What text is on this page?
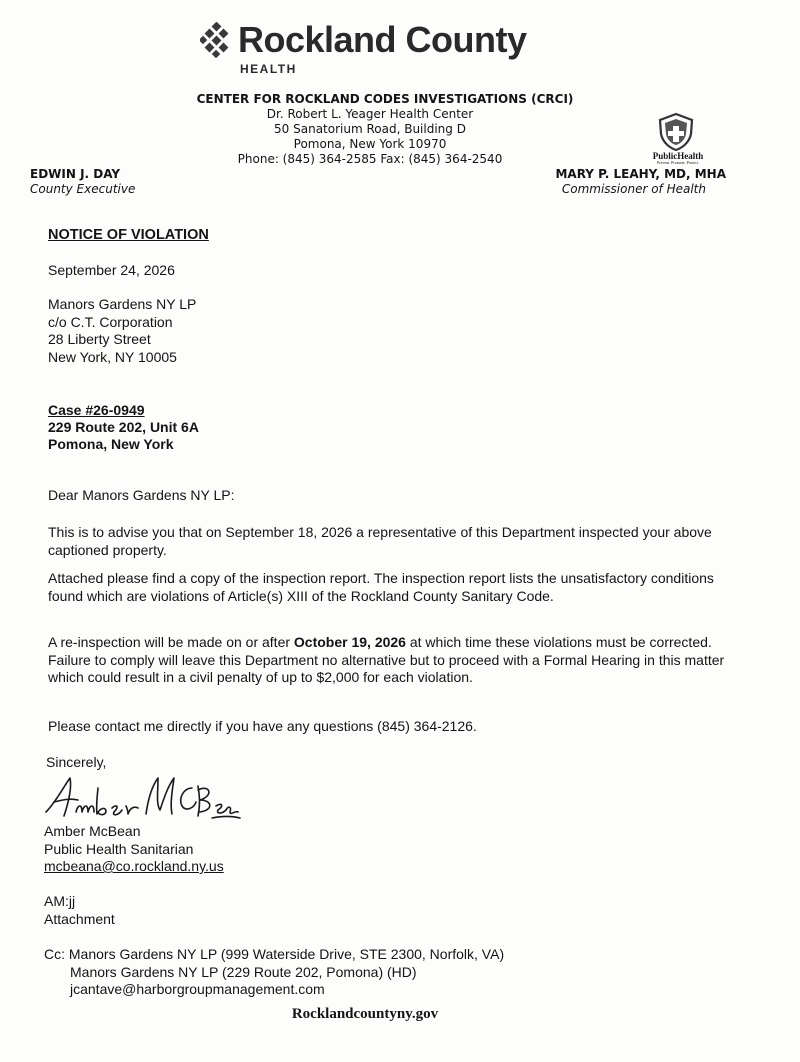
Rockland County
HEALTH
CENTER FOR ROCKLAND CODES INVESTIGATIONS (CRCI)
Dr. Robert L. Yeager Health Center
50 Sanatorium Road, Building D
Pomona, New York 10970
Phone: (845) 364-2585 Fax: (845) 364-2540
EDWIN J. DAY
County Executive
PublicHealth
Prevent. Promote. Protect.
MARY P. LEAHY, MD, MHA
Commissioner of Health
NOTICE OF VIOLATION
September 24, 2026
Manors Gardens NY LP
c/o C.T. Corporation
28 Liberty Street
New York, NY 10005
Case #26-0949
229 Route 202, Unit 6A
Pomona, New York
Dear Manors Gardens NY LP:
This is to advise you that on September 18, 2026 a representative of this Department inspected your above captioned property.
Attached please find a copy of the inspection report. The inspection report lists the unsatisfactory conditions found which are violations of Article(s) XIII of the Rockland County Sanitary Code.
A re-inspection will be made on or after October 19, 2026 at which time these violations must be corrected. Failure to comply will leave this Department no alternative but to proceed with a Formal Hearing in this matter which could result in a civil penalty of up to $2,000 for each violation.
Please contact me directly if you have any questions (845) 364-2126.
Sincerely,
Amber McBean
Public Health Sanitarian
mcbeana@co.rockland.ny.us
AM:jj
Attachment
Cc: Manors Gardens NY LP (999 Waterside Drive, STE 2300, Norfolk, VA)
Manors Gardens NY LP (229 Route 202, Pomona) (HD)
jcantave@harborgroupmanagement.com
Rocklandcountyny.gov
